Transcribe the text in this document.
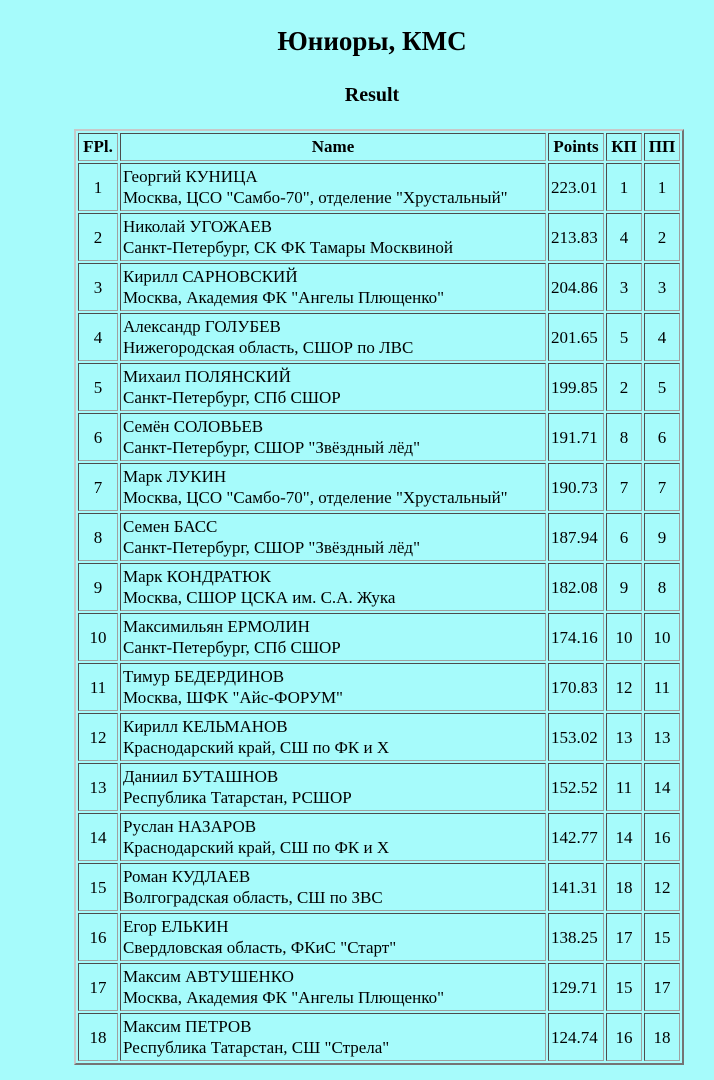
Юниоры, КМС
Result
FPl.	Name	Points	КП	ПП
1	Георгий КУНИЦА
Москва, ЦСО "Самбо-70", отделение "Хрустальный"	223.01	1	1
2	Николай УГОЖАЕВ
Санкт-Петербург, СК ФК Тамары Москвиной	213.83	4	2
3	Кирилл САРНОВСКИЙ
Москва, Академия ФК "Ангелы Плющенко"	204.86	3	3
4	Александр ГОЛУБЕВ
Нижегородская область, СШОР по ЛВС	201.65	5	4
5	Михаил ПОЛЯНСКИЙ
Санкт-Петербург, СПб СШОР	199.85	2	5
6	Семён СОЛОВЬЕВ
Санкт-Петербург, СШОР "Звёздный лёд"	191.71	8	6
7	Марк ЛУКИН
Москва, ЦСО "Самбо-70", отделение "Хрустальный"	190.73	7	7
8	Семен БАСС
Санкт-Петербург, СШОР "Звёздный лёд"	187.94	6	9
9	Марк КОНДРАТЮК
Москва, СШОР ЦСКА им. С.А. Жука	182.08	9	8
10	Максимильян ЕРМОЛИН
Санкт-Петербург, СПб СШОР	174.16	10	10
11	Тимур БЕДЕРДИНОВ
Москва, ШФК "Айс-ФОРУМ"	170.83	12	11
12	Кирилл КЕЛЬМАНОВ
Краснодарский край, СШ по ФК и Х	153.02	13	13
13	Даниил БУТАШНОВ
Республика Татарстан, РСШОР	152.52	11	14
14	Руслан НАЗАРОВ
Краснодарский край, СШ по ФК и Х	142.77	14	16
15	Роман КУДЛАЕВ
Волгоградская область, СШ по ЗВС	141.31	18	12
16	Егор ЕЛЬКИН
Свердловская область, ФКиС "Старт"	138.25	17	15
17	Максим АВТУШЕНКО
Москва, Академия ФК "Ангелы Плющенко"	129.71	15	17
18	Максим ПЕТРОВ
Республика Татарстан, СШ "Стрела"	124.74	16	18
